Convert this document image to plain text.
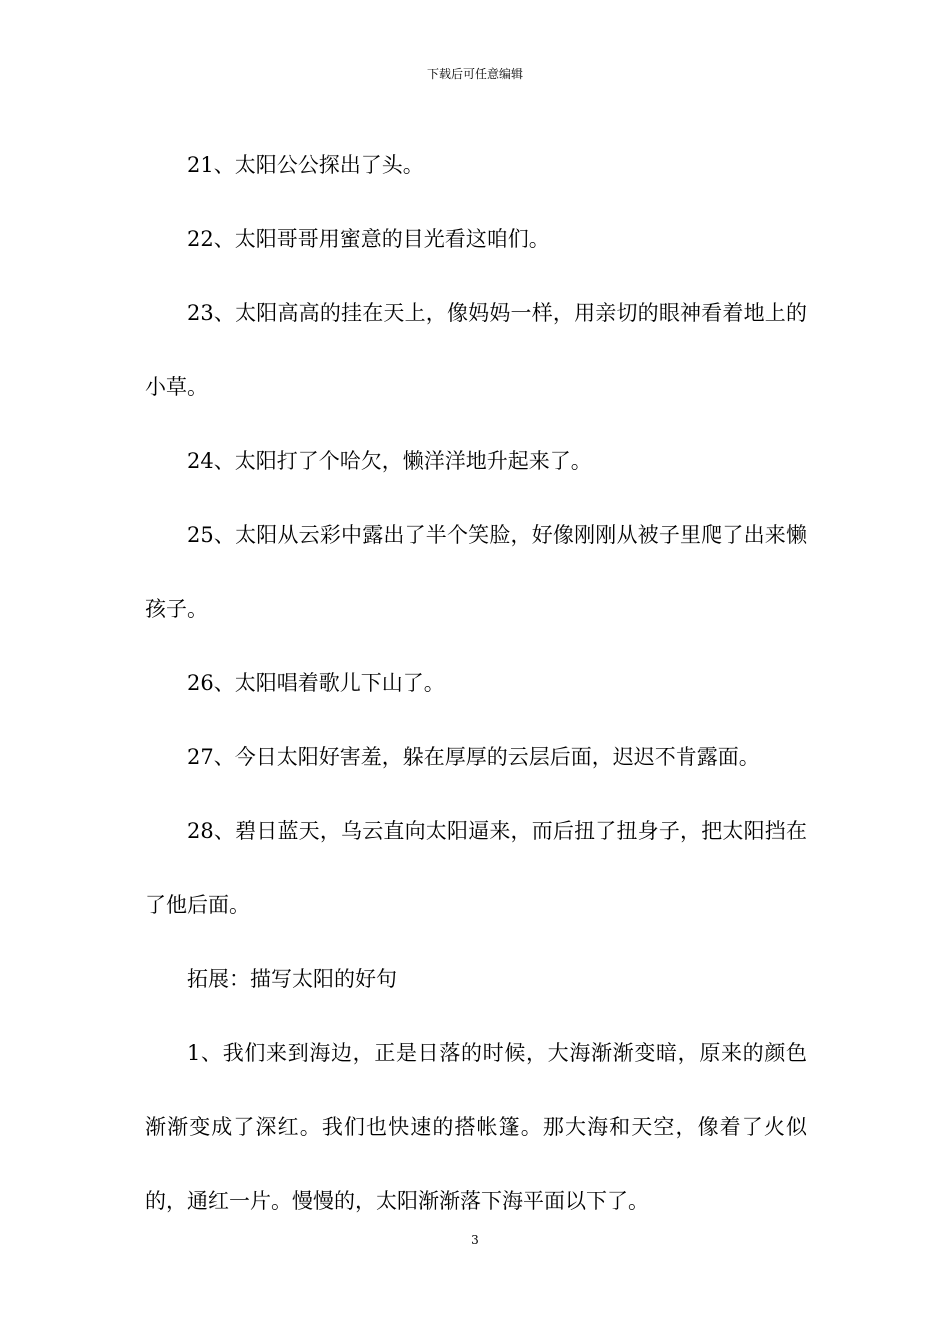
下载后可任意编辑

21、太阳公公探出了头。

22、太阳哥哥用蜜意的目光看这咱们。

23、太阳高高的挂在天上，像妈妈一样，用亲切的眼神看着地上的小草。

24、太阳打了个哈欠，懒洋洋地升起来了。

25、太阳从云彩中露出了半个笑脸，好像刚刚从被子里爬了出来懒孩子。

26、太阳唱着歌儿下山了。

27、今日太阳好害羞，躲在厚厚的云层后面，迟迟不肯露面。

28、碧日蓝天，乌云直向太阳逼来，而后扭了扭身子，把太阳挡在了他后面。

拓展：描写太阳的好句

1、我们来到海边，正是日落的时候，大海渐渐变暗，原来的颜色渐渐变成了深红。我们也快速的搭帐篷。那大海和天空，像着了火似的，通红一片。慢慢的，太阳渐渐落下海平面以下了。

3
